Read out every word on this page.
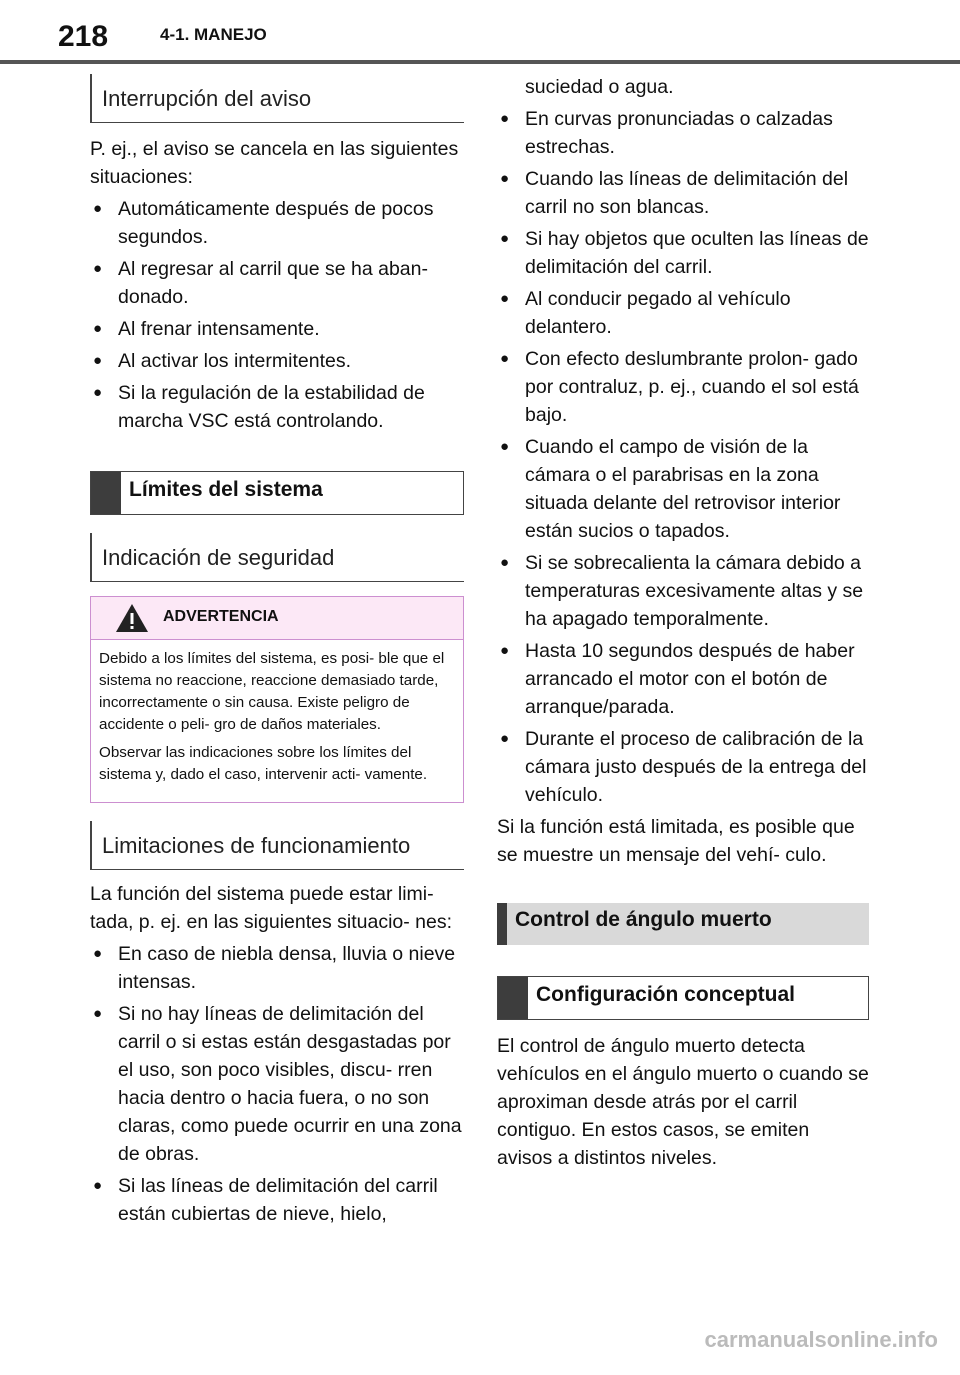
218	4-1. MANEJO
Interrupción del aviso

P. ej., el aviso se cancela en las siguientes situaciones:

● Automáticamente después de pocos segundos.
● Al regresar al carril que se ha aban- donado.
● Al frenar intensamente.
● Al activar los intermitentes.
● Si la regulación de la estabilidad de marcha VSC está controlando.
Límites del sistema
Indicación de seguridad
ADVERTENCIA

Debido a los límites del sistema, es posi- ble que el sistema no reaccione, reaccione demasiado tarde, incorrectamente o sin causa. Existe peligro de accidente o peli- gro de daños materiales.

Observar las indicaciones sobre los límites del sistema y, dado el caso, intervenir acti- vamente.

Limitaciones de funcionamiento

La función del sistema puede estar limi- tada, p. ej. en las siguientes situacio- nes:

● En caso de niebla densa, lluvia o nieve intensas.
● Si no hay líneas de delimitación del carril o si estas están desgastadas por el uso, son poco visibles, discu- rren hacia dentro o hacia fuera, o no son claras, como puede ocurrir en una zona de obras.
● Si las líneas de delimitación del carril están cubiertas de nieve, hielo,

suciedad o agua.

● En curvas pronunciadas o calzadas estrechas.
● Cuando las líneas de delimitación del carril no son blancas.
● Si hay objetos que oculten las líneas de delimitación del carril.
● Al conducir pegado al vehículo delantero.
● Con efecto deslumbrante prolon- gado por contraluz, p. ej., cuando el sol está bajo.
● Cuando el campo de visión de la cámara o el parabrisas en la zona situada delante del retrovisor interior están sucios o tapados.
● Si se sobrecalienta la cámara debido a temperaturas excesivamente altas y se ha apagado temporalmente.
● Hasta 10 segundos después de haber arrancado el motor con el botón de arranque/parada.
● Durante el proceso de calibración de la cámara justo después de la entrega del vehículo.

Si la función está limitada, es posible que se muestre un mensaje del vehí- culo.

Control de ángulo muerto
Configuración conceptual

El control de ángulo muerto detecta vehículos en el ángulo muerto o cuando se aproximan desde atrás por el carril contiguo. En estos casos, se emiten avisos a distintos niveles.

carmanualsonline.info
